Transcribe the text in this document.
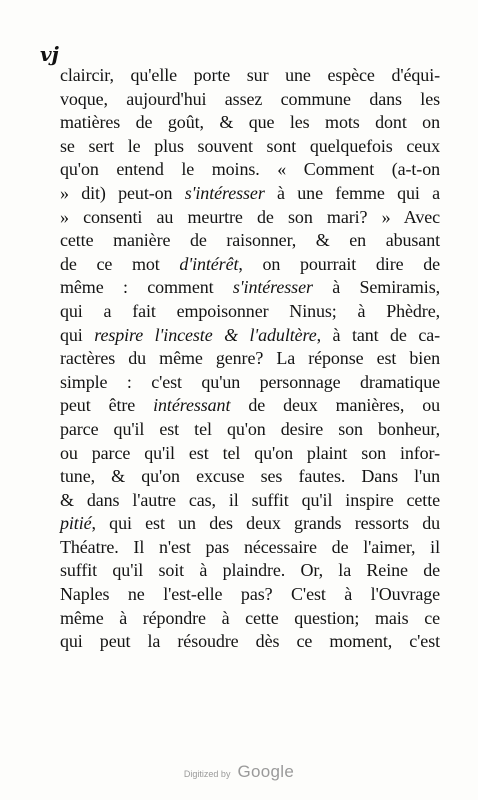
vj
claircir, qu'elle porte sur une espèce d'équi-
voque, aujourd'hui assez commune dans les
matières de goût, & que les mots dont on
se sert le plus souvent sont quelquefois ceux
qu'on entend le moins. « Comment (a-t-on
» dit) peut-on s'intéresser à une femme qui a
» consenti au meurtre de son mari? » Avec
cette manière de raisonner, & en abusant
de ce mot d'intérêt, on pourrait dire de
même : comment s'intéresser à Semiramis,
qui a fait empoisonner Ninus; à Phèdre,
qui respire l'inceste & l'adultère, à tant de ca-
ractères du même genre? La réponse est bien
simple : c'est qu'un personnage dramatique
peut être intéressant de deux manières, ou
parce qu'il est tel qu'on desire son bonheur,
ou parce qu'il est tel qu'on plaint son infor-
tune, & qu'on excuse ses fautes. Dans l'un
& dans l'autre cas, il suffit qu'il inspire cette
pitié, qui est un des deux grands ressorts du
Théatre. Il n'est pas nécessaire de l'aimer, il
suffit qu'il soit à plaindre. Or, la Reine de
Naples ne l'est-elle pas? C'est à l'Ouvrage
même à répondre à cette question; mais ce
qui peut la résoudre dès ce moment, c'est
Digitized by Google
